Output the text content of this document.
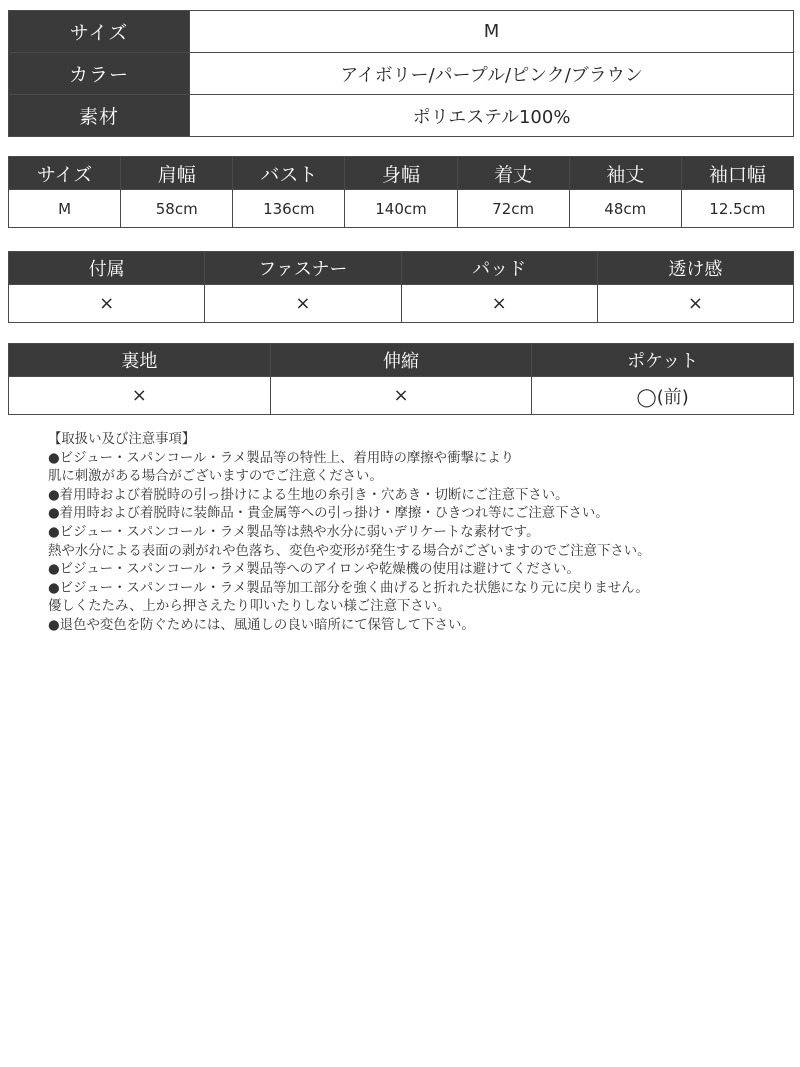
サイズ	M
カラー	アイボリー/パープル/ピンク/ブラウン
素材	ポリエステル100%
サイズ	肩幅	バスト	身幅	着丈	袖丈	袖口幅
M	58cm	136cm	140cm	72cm	48cm	12.5cm
付属	ファスナー	パッド	透け感
×	×	×	×
裏地	伸縮	ポケット
×	×	◯(前)
【取扱い及び注意事項】
●ビジュー・スパンコール・ラメ製品等の特性上、着用時の摩擦や衝撃により
肌に刺激がある場合がございますのでご注意ください。
●着用時および着脱時の引っ掛けによる生地の糸引き・穴あき・切断にご注意下さい。
●着用時および着脱時に装飾品・貴金属等への引っ掛け・摩擦・ひきつれ等にご注意下さい。
●ビジュー・スパンコール・ラメ製品等は熱や水分に弱いデリケートな素材です。
熱や水分による表面の剥がれや色落ち、変色や変形が発生する場合がございますのでご注意下さい。
●ビジュー・スパンコール・ラメ製品等へのアイロンや乾燥機の使用は避けてください。
●ビジュー・スパンコール・ラメ製品等加工部分を強く曲げると折れた状態になり元に戻りません。
優しくたたみ、上から押さえたり叩いたりしない様ご注意下さい。
●退色や変色を防ぐためには、風通しの良い暗所にて保管して下さい。
